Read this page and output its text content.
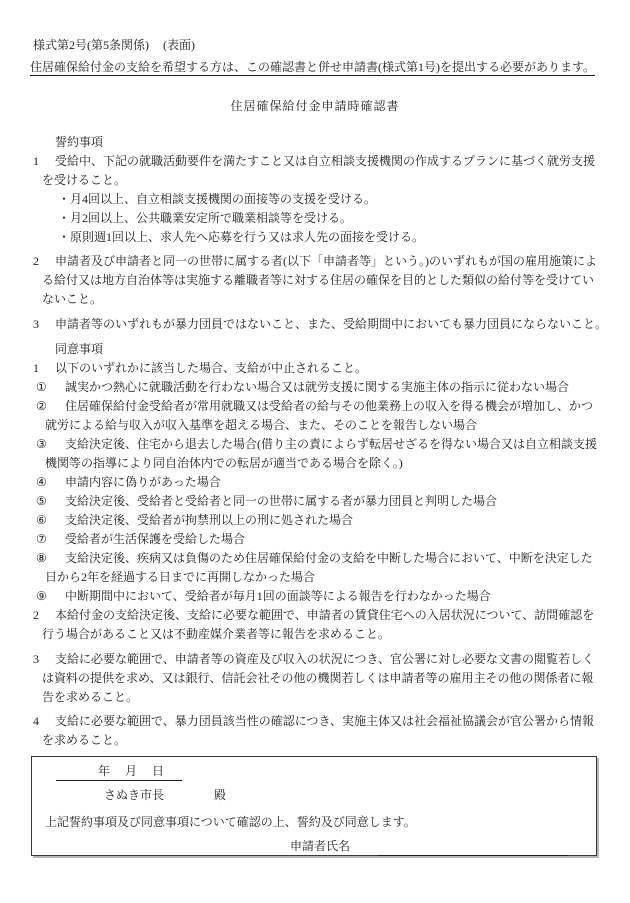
様式第2号(第5条関係) (表面)
住居確保給付金の支給を希望する方は、この確認書と併せ申請書(様式第1号)を提出する必要があります。
住居確保給付金申請時確認書
誓約事項
1 受給中、下記の就職活動要件を満たすこと又は自立相談支援機関の作成するプランに基づく就労支援を受けること。
・月4回以上、自立相談支援機関の面接等の支援を受ける。
・月2回以上、公共職業安定所で職業相談等を受ける。
・原則週1回以上、求人先へ応募を行う又は求人先の面接を受ける。
2 申請者及び申請者と同一の世帯に属する者(以下「申請者等」という。)のいずれもが国の雇用施策による給付又は地方自治体等は実施する離職者等に対する住居の確保を目的とした類似の給付等を受けていないこと。
3 申請者等のいずれもが暴力団員ではないこと、また、受給期間中においても暴力団員にならないこと。
同意事項
1 以下のいずれかに該当した場合、支給が中止されること。
① 誠実かつ熱心に就職活動を行わない場合又は就労支援に関する実施主体の指示に従わない場合
② 住居確保給付金受給者が常用就職又は受給者の給与その他業務上の収入を得る機会が増加し、かつ就労による給与収入が収入基準を超える場合、また、そのことを報告しない場合
③ 支給決定後、住宅から退去した場合(借り主の責によらず転居せざるを得ない場合又は自立相談支援機関等の指導により同自治体内での転居が適当である場合を除く。)
④ 申請内容に偽りがあった場合
⑤ 支給決定後、受給者と受給者と同一の世帯に属する者が暴力団員と判明した場合
⑥ 支給決定後、受給者が拘禁刑以上の刑に処された場合
⑦ 受給者が生活保護を受給した場合
⑧ 支給決定後、疾病又は負傷のため住居確保給付金の支給を中断した場合において、中断を決定した日から2年を経過する日までに再開しなかった場合
⑨ 中断期間中において、受給者が毎月1回の面談等による報告を行わなかった場合
2 本給付金の支給決定後、支給に必要な範囲で、申請者の賃貸住宅への入居状況について、訪問確認を行う場合があること又は不動産媒介業者等に報告を求めること。
3 支給に必要な範囲で、申請者等の資産及び収入の状況につき、官公署に対し必要な文書の閲覧若しくは資料の提供を求め、又は銀行、信託会社その他の機関若しくは申請者等の雇用主その他の関係者に報告を求めること。
4 支給に必要な範囲で、暴力団員該当性の確認につき、実施主体又は社会福祉協議会が官公署から情報を求めること。
年　 月　 日
さぬき市長	殿
上記誓約事項及び同意事項について確認の上、誓約及び同意します。
申請者氏名
